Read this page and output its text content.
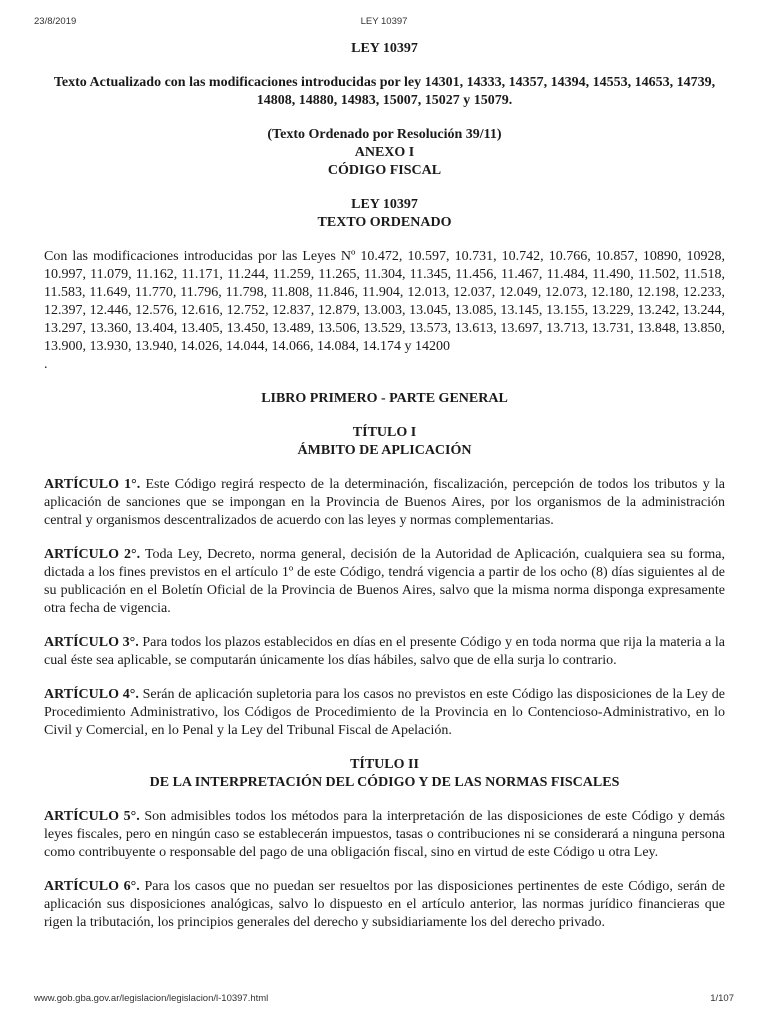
23/8/2019	LEY 10397
LEY 10397
Texto Actualizado con las modificaciones introducidas por ley 14301, 14333, 14357, 14394, 14553, 14653, 14739, 14808, 14880, 14983, 15007, 15027 y 15079.
(Texto Ordenado por Resolución 39/11)
ANEXO I
CÓDIGO FISCAL
LEY 10397
TEXTO ORDENADO
Con las modificaciones introducidas por las Leyes Nº 10.472, 10.597, 10.731, 10.742, 10.766, 10.857, 10890, 10928, 10.997, 11.079, 11.162, 11.171, 11.244, 11.259, 11.265, 11.304, 11.345, 11.456, 11.467, 11.484, 11.490, 11.502, 11.518, 11.583, 11.649, 11.770, 11.796, 11.798, 11.808, 11.846, 11.904, 12.013, 12.037, 12.049, 12.073, 12.180, 12.198, 12.233, 12.397, 12.446, 12.576, 12.616, 12.752, 12.837, 12.879, 13.003, 13.045, 13.085, 13.145, 13.155, 13.229, 13.242, 13.244, 13.297, 13.360, 13.404, 13.405, 13.450, 13.489, 13.506, 13.529, 13.573, 13.613, 13.697, 13.713, 13.731, 13.848, 13.850, 13.900, 13.930, 13.940, 14.026, 14.044, 14.066, 14.084, 14.174 y 14200
.
LIBRO PRIMERO - PARTE GENERAL
TÍTULO I
ÁMBITO DE APLICACIÓN

ARTÍCULO 1°. Este Código regirá respecto de la determinación, fiscalización, percepción de todos los tributos y la aplicación de sanciones que se impongan en la Provincia de Buenos Aires, por los organismos de la administración central y organismos descentralizados de acuerdo con las leyes y normas complementarias.

ARTÍCULO 2°. Toda Ley, Decreto, norma general, decisión de la Autoridad de Aplicación, cualquiera sea su forma, dictada a los fines previstos en el artículo 1º de este Código, tendrá vigencia a partir de los ocho (8) días siguientes al de su publicación en el Boletín Oficial de la Provincia de Buenos Aires, salvo que la misma norma disponga expresamente otra fecha de vigencia.

ARTÍCULO 3°. Para todos los plazos establecidos en días en el presente Código y en toda norma que rija la materia a la cual éste sea aplicable, se computarán únicamente los días hábiles, salvo que de ella surja lo contrario.

ARTÍCULO 4°. Serán de aplicación supletoria para los casos no previstos en este Código las disposiciones de la Ley de Procedimiento Administrativo, los Códigos de Procedimiento de la Provincia en lo Contencioso-Administrativo, en lo Civil y Comercial, en lo Penal y la Ley del Tribunal Fiscal de Apelación.

TÍTULO II
DE LA INTERPRETACIÓN DEL CÓDIGO Y DE LAS NORMAS FISCALES

ARTÍCULO 5°. Son admisibles todos los métodos para la interpretación de las disposiciones de este Código y demás leyes fiscales, pero en ningún caso se establecerán impuestos, tasas o contribuciones ni se considerará a ninguna persona como contribuyente o responsable del pago de una obligación fiscal, sino en virtud de este Código u otra Ley.

ARTÍCULO 6°. Para los casos que no puedan ser resueltos por las disposiciones pertinentes de este Código, serán de aplicación sus disposiciones analógicas, salvo lo dispuesto en el artículo anterior, las normas jurídico financieras que rigen la tributación, los principios generales del derecho y subsidiariamente los del derecho privado.

www.gob.gba.gov.ar/legislacion/legislacion/l-10397.html	1/107
